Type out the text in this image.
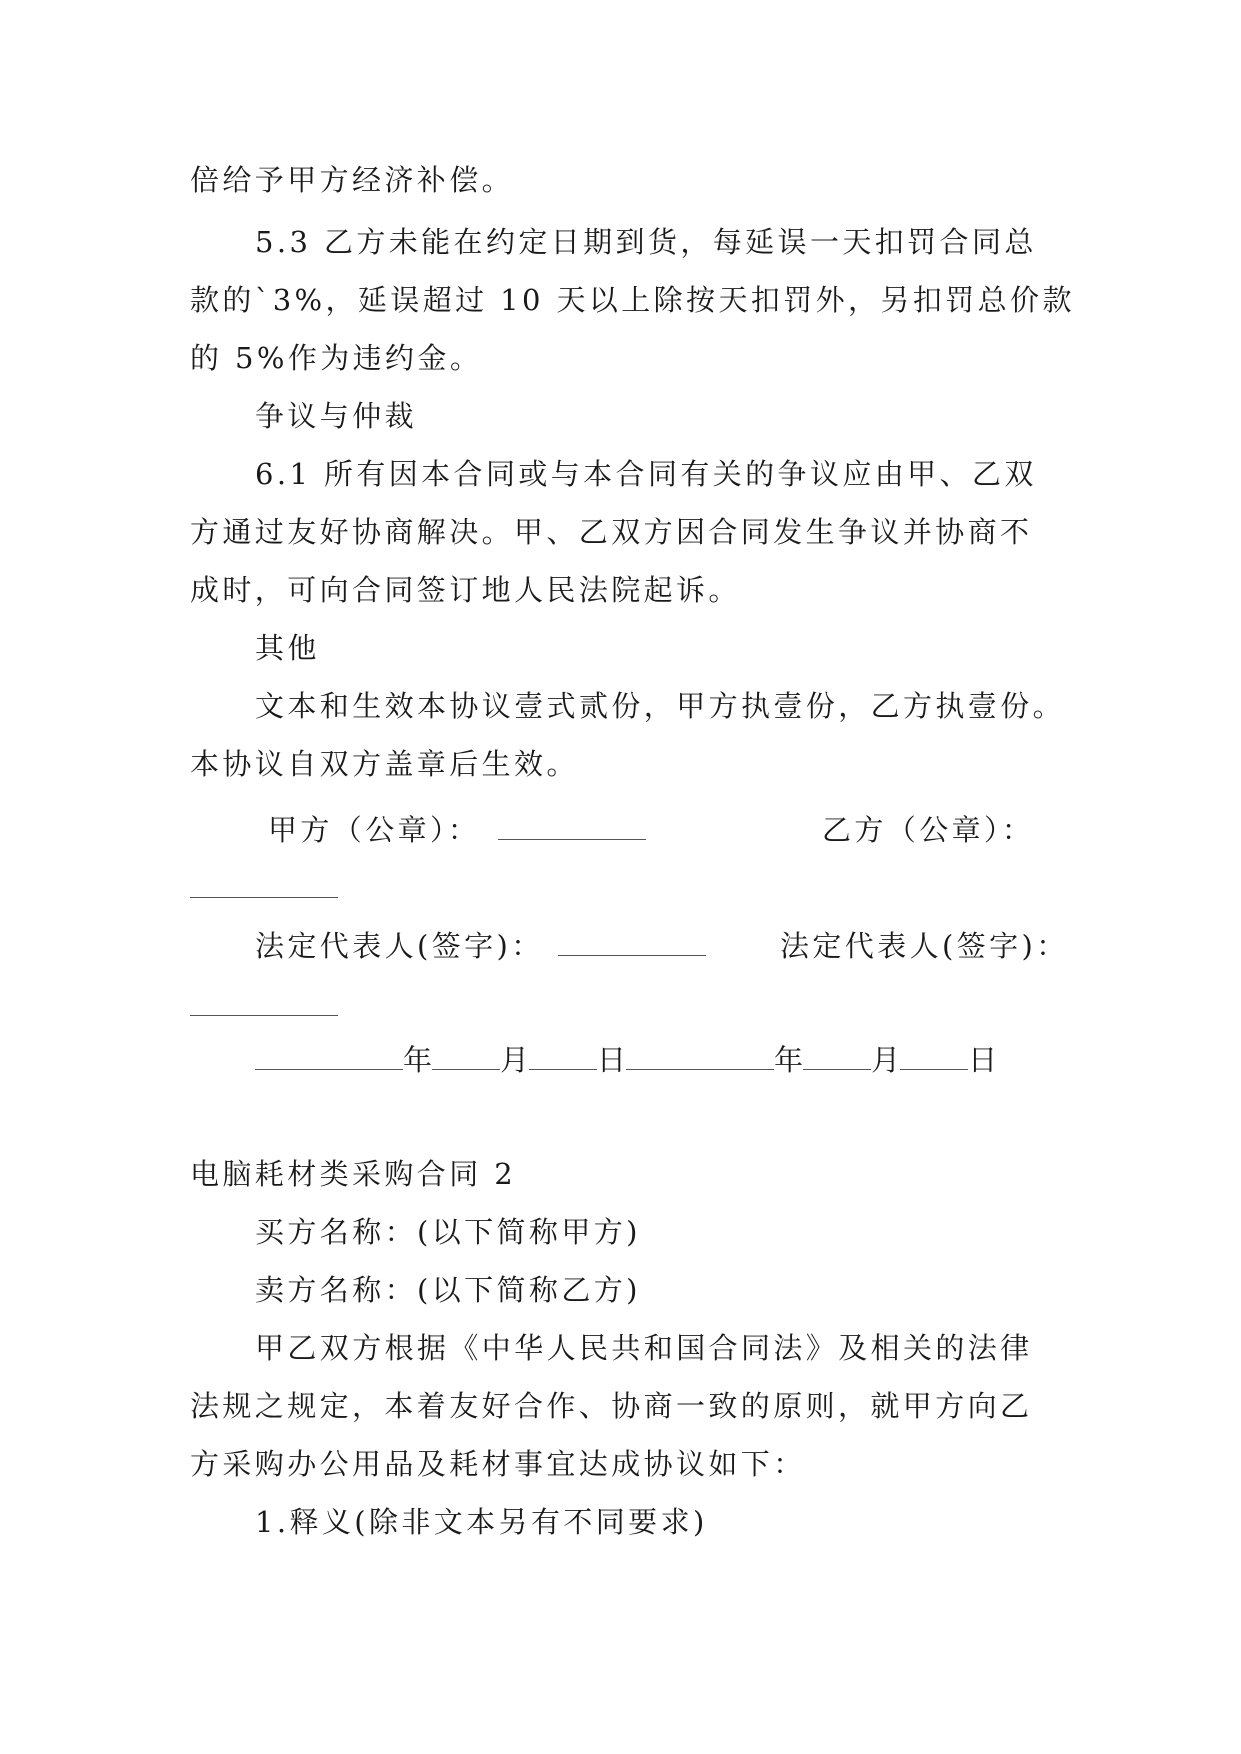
倍给予甲方经济补偿。
5.3 乙方未能在约定日期到货，每延误一天扣罚合同总
款的`3%，延误超过 10 天以上除按天扣罚外，另扣罚总价款
的 5%作为违约金。
争议与仲裁
6.1 所有因本合同或与本合同有关的争议应由甲、乙双
方通过友好协商解决。甲、乙双方因合同发生争议并协商不
成时，可向合同签订地人民法院起诉。
其他
文本和生效本协议壹式贰份，甲方执壹份，乙方执壹份。
本协议自双方盖章后生效。
甲方（公章）：	乙方（公章）：
法定代表人(签字)：	法定代表人(签字)：
年 月 日	年 月 日
电脑耗材类采购合同 2
买方名称：(以下简称甲方)
卖方名称：(以下简称乙方)
甲乙双方根据《中华人民共和国合同法》及相关的法律
法规之规定，本着友好合作、协商一致的原则，就甲方向乙
方采购办公用品及耗材事宜达成协议如下：
1.释义(除非文本另有不同要求)
